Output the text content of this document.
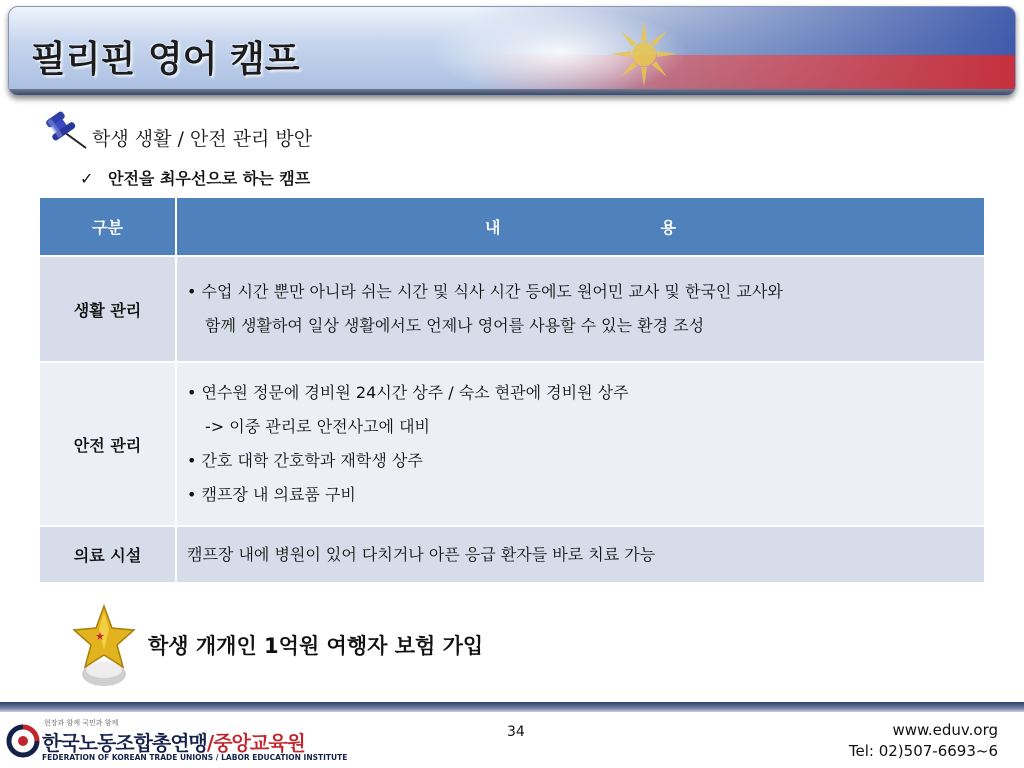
필리핀 영어 캠프
학생 생활 / 안전 관리 방안
✓ 안전을 최우선으로 하는 캠프
구분	내 용
생활 관리	• 수업 시간 뿐만 아니라 쉬는 시간 및 식사 시간 등에도 원어민 교사 및 한국인 교사와
함께 생활하여 일상 생활에서도 언제나 영어를 사용할 수 있는 환경 조성

안전 관리	• 연수원 정문에 경비원 24시간 상주 / 숙소 현관에 경비원 상주
-> 이중 관리로 안전사고에 대비
• 간호 대학 간호학과 재학생 상주
• 캠프장 내 의료품 구비

의료 시설	캠프장 내에 병원이 있어 다치거나 아픈 응급 환자들 바로 치료 가능
학생 개개인 1억원 여행자 보험 가입
현장과 함께 국민과 함께
한국노동조합총연맹/중앙교육원
FEDERATION OF KOREAN TRADE UNIONS / LABOR EDUCATION INSTITUTE
34	www.eduv.org
Tel: 02)507-6693~6
